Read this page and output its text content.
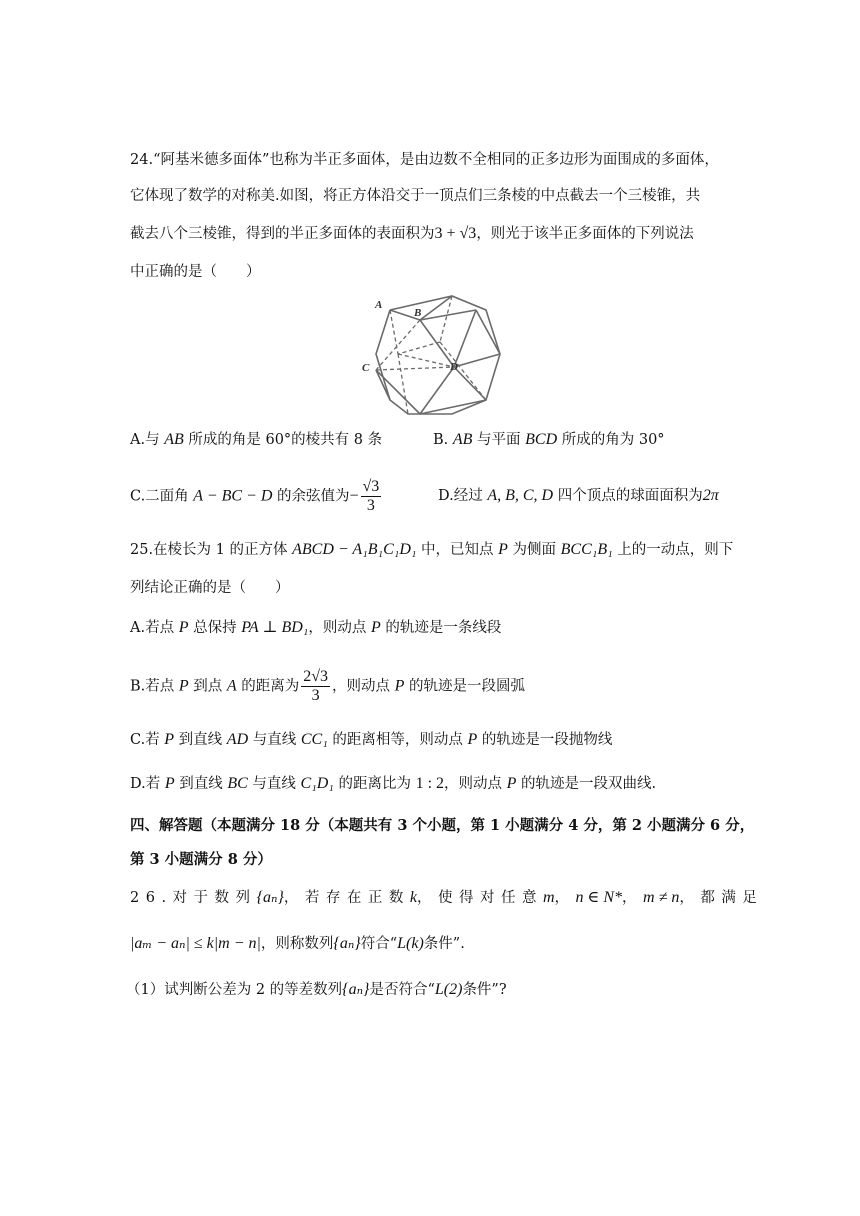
24.“阿基米德多面体”也称为半正多面体，是由边数不全相同的正多边形为面围成的多面体，
它体现了数学的对称美.如图，将正方体沿交于一顶点们三条棱的中点截去一个三棱锥，共
截去八个三棱锥，得到的半正多面体的表面积为3 + √3，则光于该半正多面体的下列说法
中正确的是（　　）
A
B
C	D
A.与 AB 所成的角是 60°的棱共有 8 条	B. AB 与平面 BCD 所成的角为 30°
C.二面角 A − BC − D 的余弦值为− $\frac{√3}{3}$	D.经过 A, B, C, D 四个顶点的球面面积为2π
25.在棱长为 1 的正方体 ABCD − A₁B₁C₁D₁ 中，已知点 P 为侧面 BCC₁B₁ 上的一动点，则下
列结论正确的是（　　）
A.若点 P 总保持 PA ⊥ BD₁，则动点 P 的轨迹是一条线段
B.若点 P 到点 A 的距离为 $\frac{2√3}{3}$ ，则动点 P 的轨迹是一段圆弧
C.若 P 到直线 AD 与直线 CC₁ 的距离相等，则动点 P 的轨迹是一段抛物线
D.若 P 到直线 BC 与直线 C₁D₁ 的距离比为 1 : 2，则动点 P 的轨迹是一段双曲线.
四、解答题（本题满分 18 分（本题共有 3 个小题，第 1 小题满分 4 分，第 2 小题满分 6 分，
第 3 小题满分 8 分）
26.对于数列{aₙ}，若存在正数k，使得对任意m，n ∈ N*，m ≠ n，都满足
|aₘ − aₙ| ≤ k|m − n|，则称数列{aₙ}符合“L(k)条件”.
（1）试判断公差为 2 的等差数列{aₙ}是否符合“L(2)条件”?
